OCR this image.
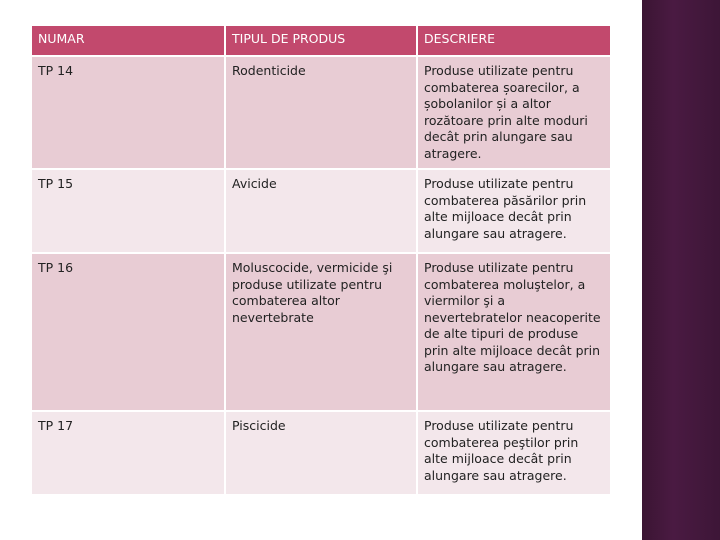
NUMAR	TIPUL DE PRODUS	DESCRIERE
TP 14	Rodenticide	Produse utilizate pentru combaterea șoarecilor, a șobolanilor și a altor rozătoare prin alte moduri decât prin alungare sau atragere.
TP 15	Avicide	Produse utilizate pentru combaterea păsărilor prin alte mijloace decât prin alungare sau atragere.
TP 16	Moluscocide, vermicide şi produse utilizate pentru combaterea altor nevertebrate	Produse utilizate pentru combaterea moluştelor, a viermilor şi a nevertebratelor neacoperite de alte tipuri de produse prin alte mijloace decât prin alungare sau atragere.
TP 17	Piscicide	Produse utilizate pentru combaterea peştilor prin alte mijloace decât prin alungare sau atragere.
